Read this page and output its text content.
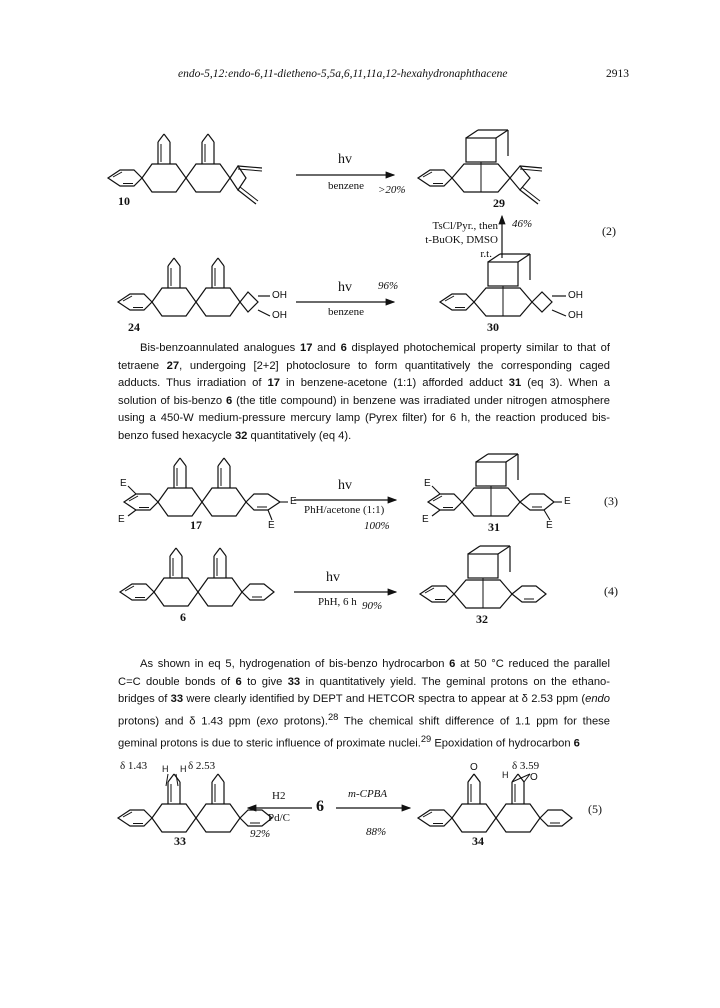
endo-5,12:endo-6,11-dietheno-5,5a,6,11,11a,12-hexahydronaphthacene	2913
10	29
hv
benzene >20%
TsCl/Pyr., then
t-BuOK, DMSO
r.t.
46%	(2)
24	30
hv 96%
benzene
OH
OH
OH
OH

Bis-benzoannulated analogues 17 and 6 displayed photochemical property similar to that of tetraene 27, undergoing [2+2] photoclosure to form quantitatively the corresponding caged adducts. Thus irradiation of 17 in benzene-acetone (1:1) afforded adduct 31 (eq 3). When a solution of bis-benzo 6 (the title compound) in benzene was irradiated under nitrogen atmosphere using a 450-W medium-pressure mercury lamp (Pyrex filter) for 6 h, the reaction produced bis-benzo fused hexacycle 32 quantitatively (eq 4).

17	31
hv
PhH/acetone (1:1)
100%
(3)
E
E
E
E
E
E
E
E
6	32
hv
PhH, 6 h 90%
(4)

As shown in eq 5, hydrogenation of bis-benzo hydrocarbon 6 at 50 °C reduced the parallel C=C double bonds of 6 to give 33 in quantitatively yield. The geminal protons on the ethano-bridges of 33 were clearly identified by DEPT and HETCOR spectra to appear at δ 2.53 ppm (endo protons) and δ 1.43 ppm (exo protons).$^{28}$ The chemical shift difference of 1.1 ppm for these geminal protons is due to steric influence of proximate nuclei.$^{29}$ Epoxidation of hydrocarbon 6

δ 1.43 H H δ 2.53
33
H2
Pd/C
92%
6
m-CPBA
88%
O
O
H
δ 3.59
34
(5)
